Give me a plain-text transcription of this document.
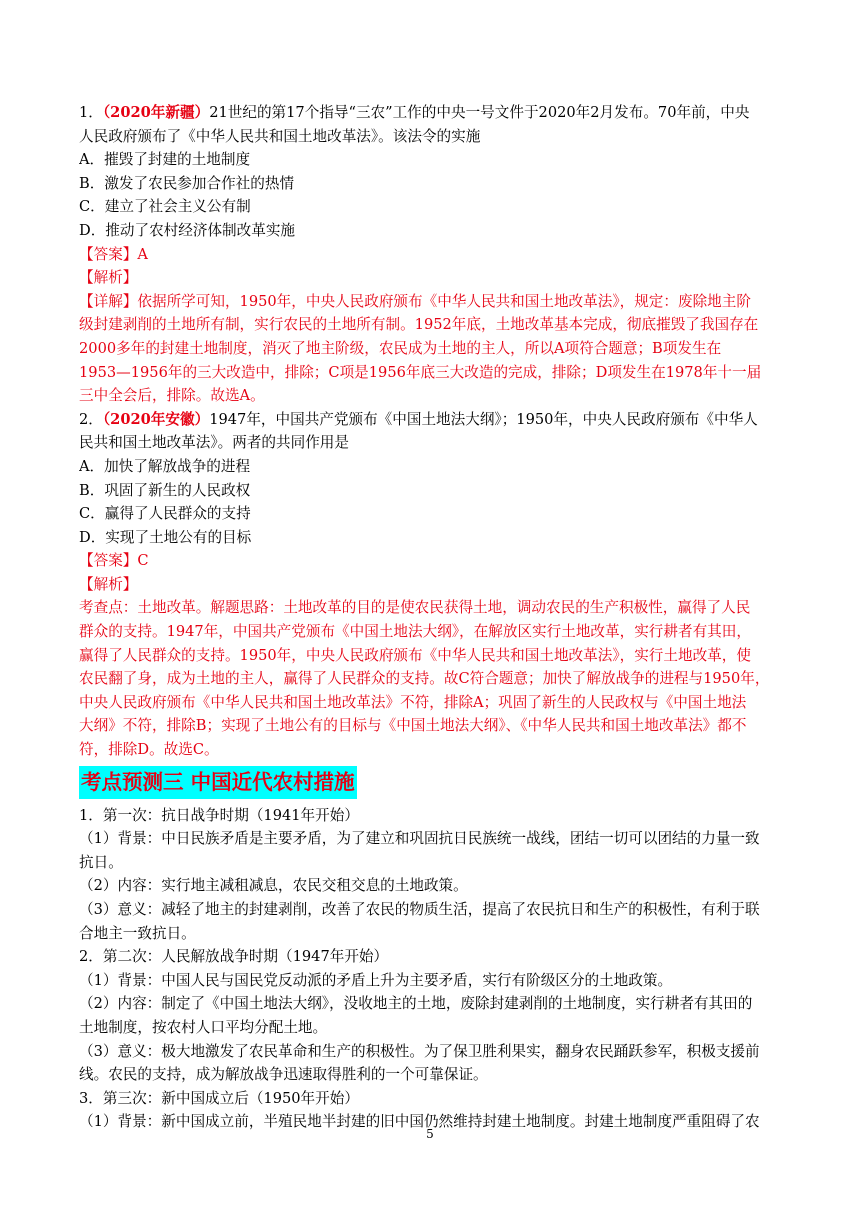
1．（2020年新疆）21世纪的第17个指导“三农”工作的中央一号文件于2020年2月发布。70年前，中央
人民政府颁布了《中华人民共和国土地改革法》。该法令的实施
A．摧毁了封建的土地制度
B．激发了农民参加合作社的热情
C．建立了社会主义公有制
D．推动了农村经济体制改革实施
【答案】A
【解析】
【详解】依据所学可知，1950年，中央人民政府颁布《中华人民共和国土地改革法》，规定：废除地主阶
级封建剥削的土地所有制，实行农民的土地所有制。1952年底，土地改革基本完成，彻底摧毁了我国存在
2000多年的封建土地制度，消灭了地主阶级，农民成为土地的主人，所以A项符合题意；B项发生在
1953—1956年的三大改造中，排除；C项是1956年底三大改造的完成，排除；D项发生在1978年十一届
三中全会后，排除。故选A。
2．（2020年安徽）1947年，中国共产党颁布《中国土地法大纲》；1950年，中央人民政府颁布《中华人
民共和国土地改革法》。两者的共同作用是
A．加快了解放战争的进程
B．巩固了新生的人民政权
C．赢得了人民群众的支持
D．实现了土地公有的目标
【答案】C
【解析】
考查点：土地改革。解题思路：土地改革的目的是使农民获得土地，调动农民的生产积极性，赢得了人民
群众的支持。1947年，中国共产党颁布《中国土地法大纲》，在解放区实行土地改革，实行耕者有其田，
赢得了人民群众的支持。1950年，中央人民政府颁布《中华人民共和国土地改革法》，实行土地改革，使
农民翻了身，成为土地的主人，赢得了人民群众的支持。故C符合题意；加快了解放战争的进程与1950年，
中央人民政府颁布《中华人民共和国土地改革法》不符，排除A；巩固了新生的人民政权与《中国土地法
大纲》不符，排除B；实现了土地公有的目标与《中国土地法大纲》、《中华人民共和国土地改革法》都不
符，排除D。故选C。
考点预测三 中国近代农村措施
1．第一次：抗日战争时期（1941年开始）
（1）背景：中日民族矛盾是主要矛盾，为了建立和巩固抗日民族统一战线，团结一切可以团结的力量一致
抗日。
（2）内容：实行地主减租减息，农民交租交息的土地政策。
（3）意义：减轻了地主的封建剥削，改善了农民的物质生活，提高了农民抗日和生产的积极性，有利于联
合地主一致抗日。
2．第二次：人民解放战争时期（1947年开始）
（1）背景：中国人民与国民党反动派的矛盾上升为主要矛盾，实行有阶级区分的土地政策。
（2）内容：制定了《中国土地法大纲》，没收地主的土地，废除封建剥削的土地制度，实行耕者有其田的
土地制度，按农村人口平均分配土地。
（3）意义：极大地激发了农民革命和生产的积极性。为了保卫胜利果实，翻身农民踊跃参军，积极支援前
线。农民的支持，成为解放战争迅速取得胜利的一个可靠保证。
3．第三次：新中国成立后（1950年开始）
（1）背景：新中国成立前，半殖民地半封建的旧中国仍然维持封建土地制度。封建土地制度严重阻碍了农
5
